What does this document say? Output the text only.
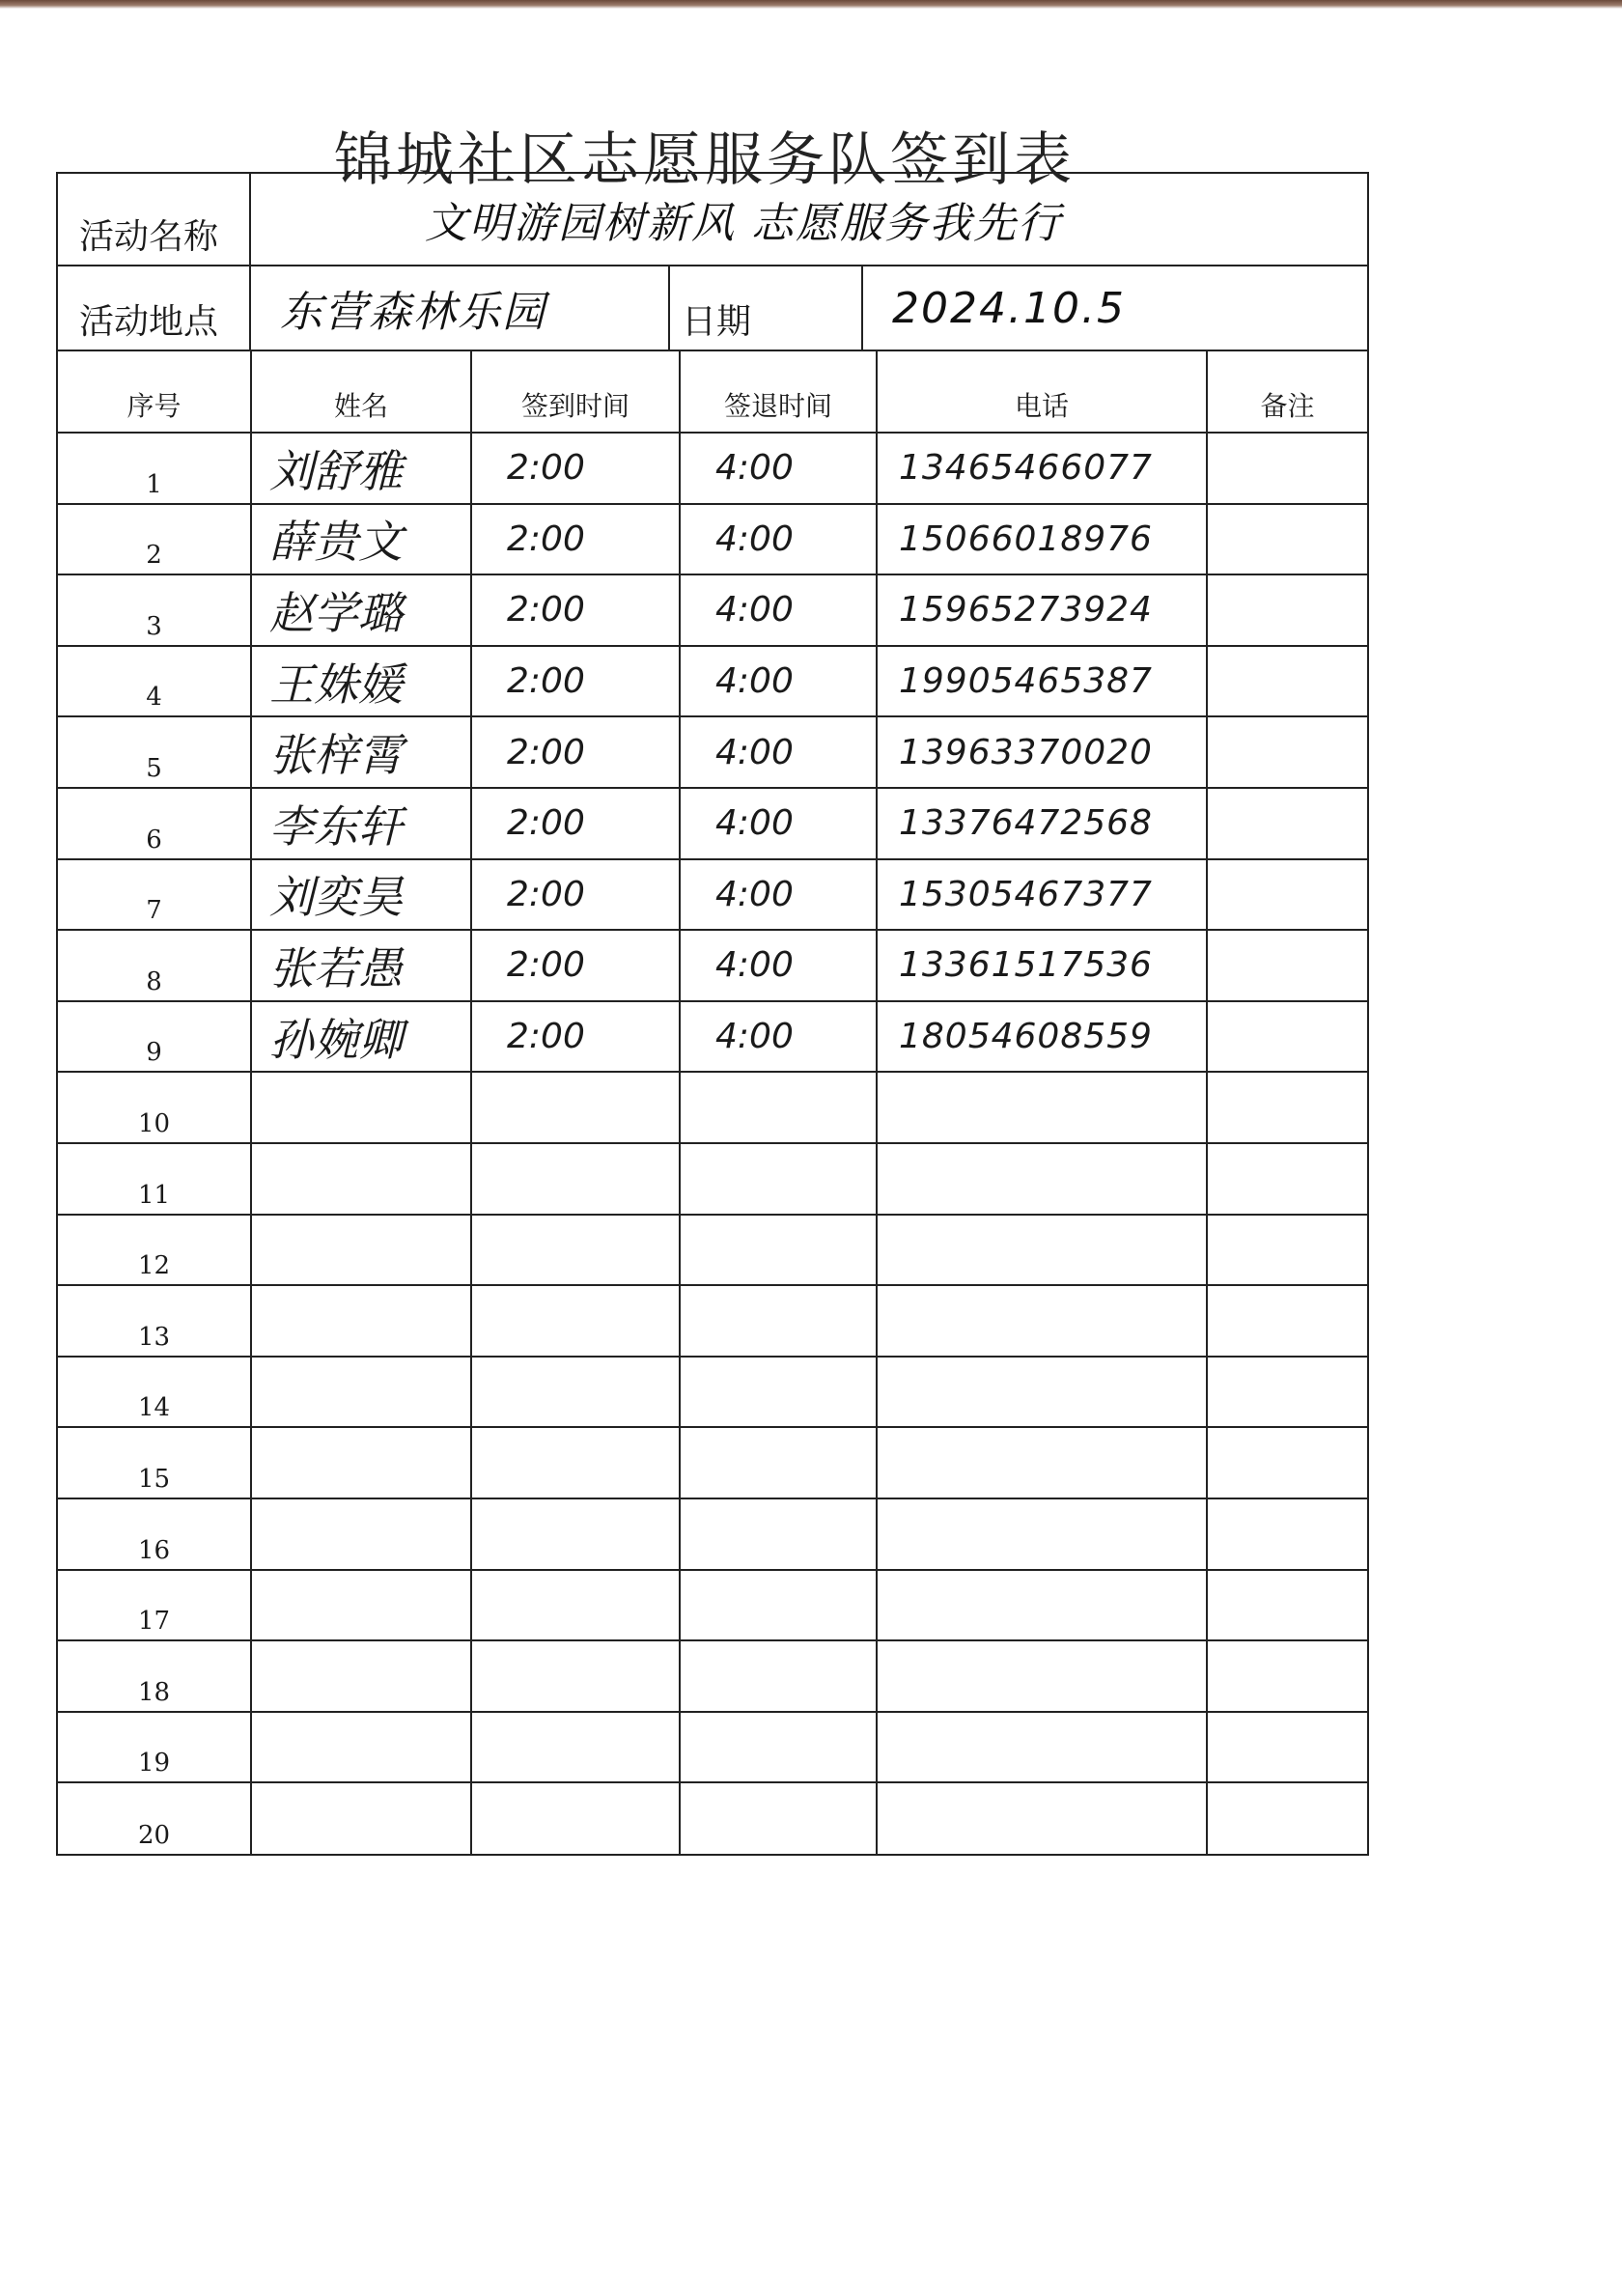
锦城社区志愿服务队签到表
活动名称	文明游园树新风 志愿服务我先行
活动地点	东营森林乐园	日期	2024.10.5
序号	姓名	签到时间	签退时间	电话	备注
1	刘舒雅	2:00	4:00	13465466077	
2	薛贵文	2:00	4:00	15066018976	
3	赵学璐	2:00	4:00	15965273924	
4	王姝媛	2:00	4:00	19905465387	
5	张梓霄	2:00	4:00	13963370020	
6	李东轩	2:00	4:00	13376472568	
7	刘奕昊	2:00	4:00	15305467377	
8	张若愚	2:00	4:00	13361517536	
9	孙婉卿	2:00	4:00	18054608559	
10					
11					
12					
13					
14					
15					
16					
17					
18					
19					
20					
